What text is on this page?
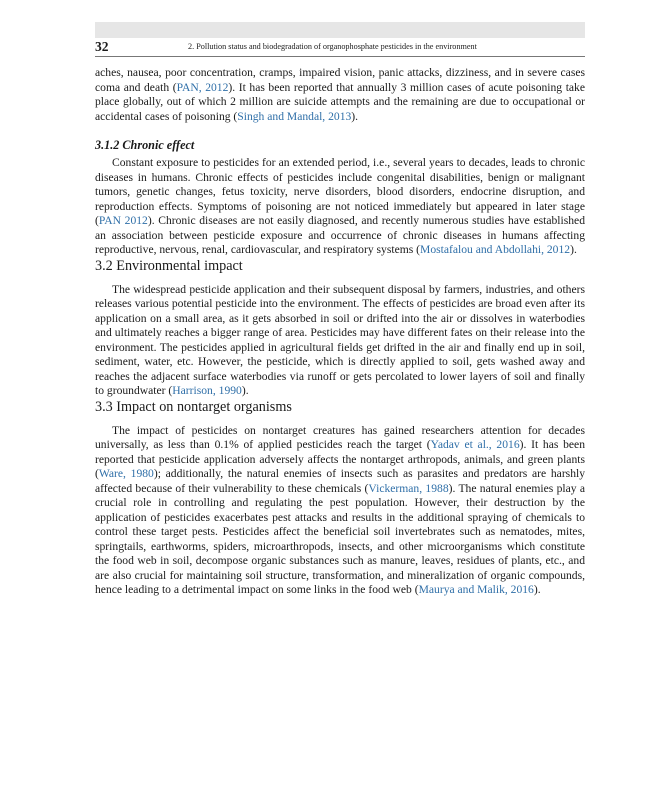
32	2. Pollution status and biodegradation of organophosphate pesticides in the environment

aches, nausea, poor concentration, cramps, impaired vision, panic attacks, dizziness, and in severe cases coma and death (PAN, 2012). It has been reported that annually 3 million cases of acute poisoning take place globally, out of which 2 million are suicide attempts and the remaining are due to occupational or accidental cases of poisoning (Singh and Mandal, 2013).

3.1.2 Chronic effect

Constant exposure to pesticides for an extended period, i.e., several years to decades, leads to chronic diseases in humans. Chronic effects of pesticides include congenital disabilities, benign or malignant tumors, genetic changes, fetus toxicity, nerve disorders, blood disorders, endocrine disruption, and reproduction effects. Symptoms of poisoning are not noticed immediately but appeared in later stage (PAN 2012). Chronic diseases are not easily diagnosed, and recently numerous studies have established an association between pesticide exposure and occurrence of chronic diseases in humans affecting reproductive, nervous, renal, cardiovascular, and respiratory systems (Mostafalou and Abdollahi, 2012).

3.2 Environmental impact

The widespread pesticide application and their subsequent disposal by farmers, industries, and others releases various potential pesticide into the environment. The effects of pesticides are broad even after its application on a small area, as it gets absorbed in soil or drifted into the air or dissolves in waterbodies and ultimately reaches a bigger range of area. Pesticides may have different fates on their release into the environment. The pesticides applied in agricultural fields get drifted in the air and finally end up in soil, sediment, water, etc. However, the pesticide, which is directly applied to soil, gets washed away and reaches the adjacent surface waterbodies via runoff or gets percolated to lower layers of soil and finally to groundwater (Harrison, 1990).

3.3 Impact on nontarget organisms

The impact of pesticides on nontarget creatures has gained researchers attention for decades universally, as less than 0.1% of applied pesticides reach the target (Yadav et al., 2016). It has been reported that pesticide application adversely affects the nontarget arthropods, animals, and green plants (Ware, 1980); additionally, the natural enemies of insects such as parasites and predators are harshly affected because of their vulnerability to these chemicals (Vickerman, 1988). The natural enemies play a crucial role in controlling and regulating the pest population. However, their destruction by the application of pesticides exacerbates pest attacks and results in the additional spraying of chemicals to control these target pests. Pesticides affect the beneficial soil invertebrates such as nematodes, mites, springtails, earthworms, spiders, microarthropods, insects, and other microorganisms which constitute the food web in soil, decompose organic substances such as manure, leaves, residues of plants, etc., and are also crucial for maintaining soil structure, transformation, and mineralization of organic compounds, hence leading to a detrimental impact on some links in the food web (Maurya and Malik, 2016).
